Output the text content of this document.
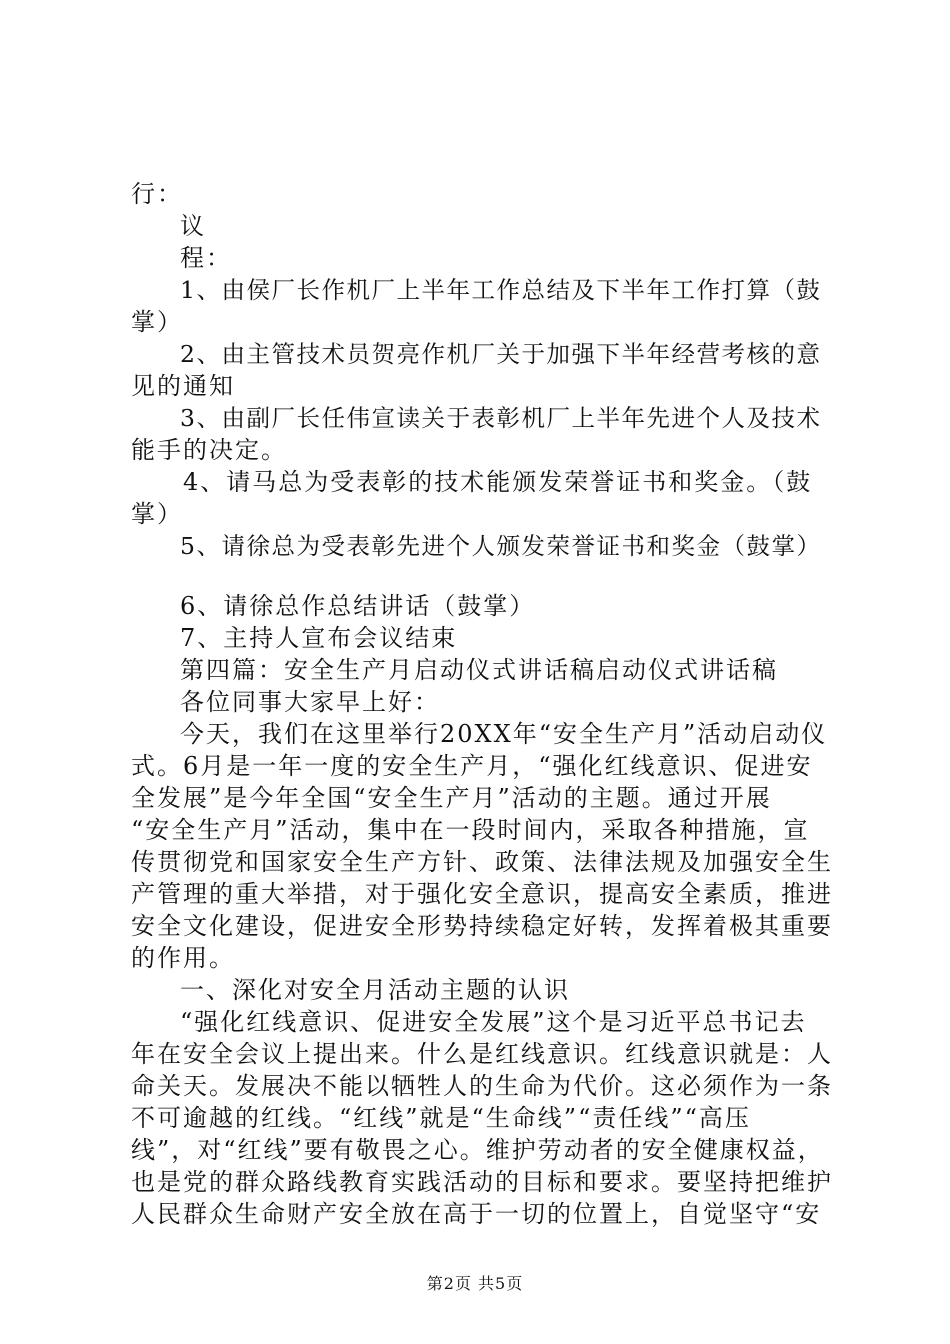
行：
议
程：
1、由侯厂长作机厂上半年工作总结及下半年工作打算（鼓
掌）
2、由主管技术员贺亮作机厂关于加强下半年经营考核的意
见的通知
3、由副厂长任伟宣读关于表彰机厂上半年先进个人及技术
能手的决定。
4、请马总为受表彰的技术能颁发荣誉证书和奖金。（鼓
掌）
5、请徐总为受表彰先进个人颁发荣誉证书和奖金（鼓掌）
6、请徐总作总结讲话（鼓掌）
7、主持人宣布会议结束
第四篇：安全生产月启动仪式讲话稿启动仪式讲话稿
各位同事大家早上好：
今天，我们在这里举行20XX年“安全生产月”活动启动仪
式。6月是一年一度的安全生产月，“强化红线意识、促进安
全发展”是今年全国“安全生产月”活动的主题。通过开展
“安全生产月”活动，集中在一段时间内，采取各种措施，宣
传贯彻党和国家安全生产方针、政策、法律法规及加强安全生
产管理的重大举措，对于强化安全意识，提高安全素质，推进
安全文化建设，促进安全形势持续稳定好转，发挥着极其重要
的作用。
一、深化对安全月活动主题的认识
“强化红线意识、促进安全发展”这个是习近平总书记去
年在安全会议上提出来。什么是红线意识。红线意识就是：人
命关天。发展决不能以牺牲人的生命为代价。这必须作为一条
不可逾越的红线。“红线”就是“生命线”“责任线”“高压
线”，对“红线”要有敬畏之心。维护劳动者的安全健康权益，
也是党的群众路线教育实践活动的目标和要求。要坚持把维护
人民群众生命财产安全放在高于一切的位置上，自觉坚守“安
第2页 共5页
